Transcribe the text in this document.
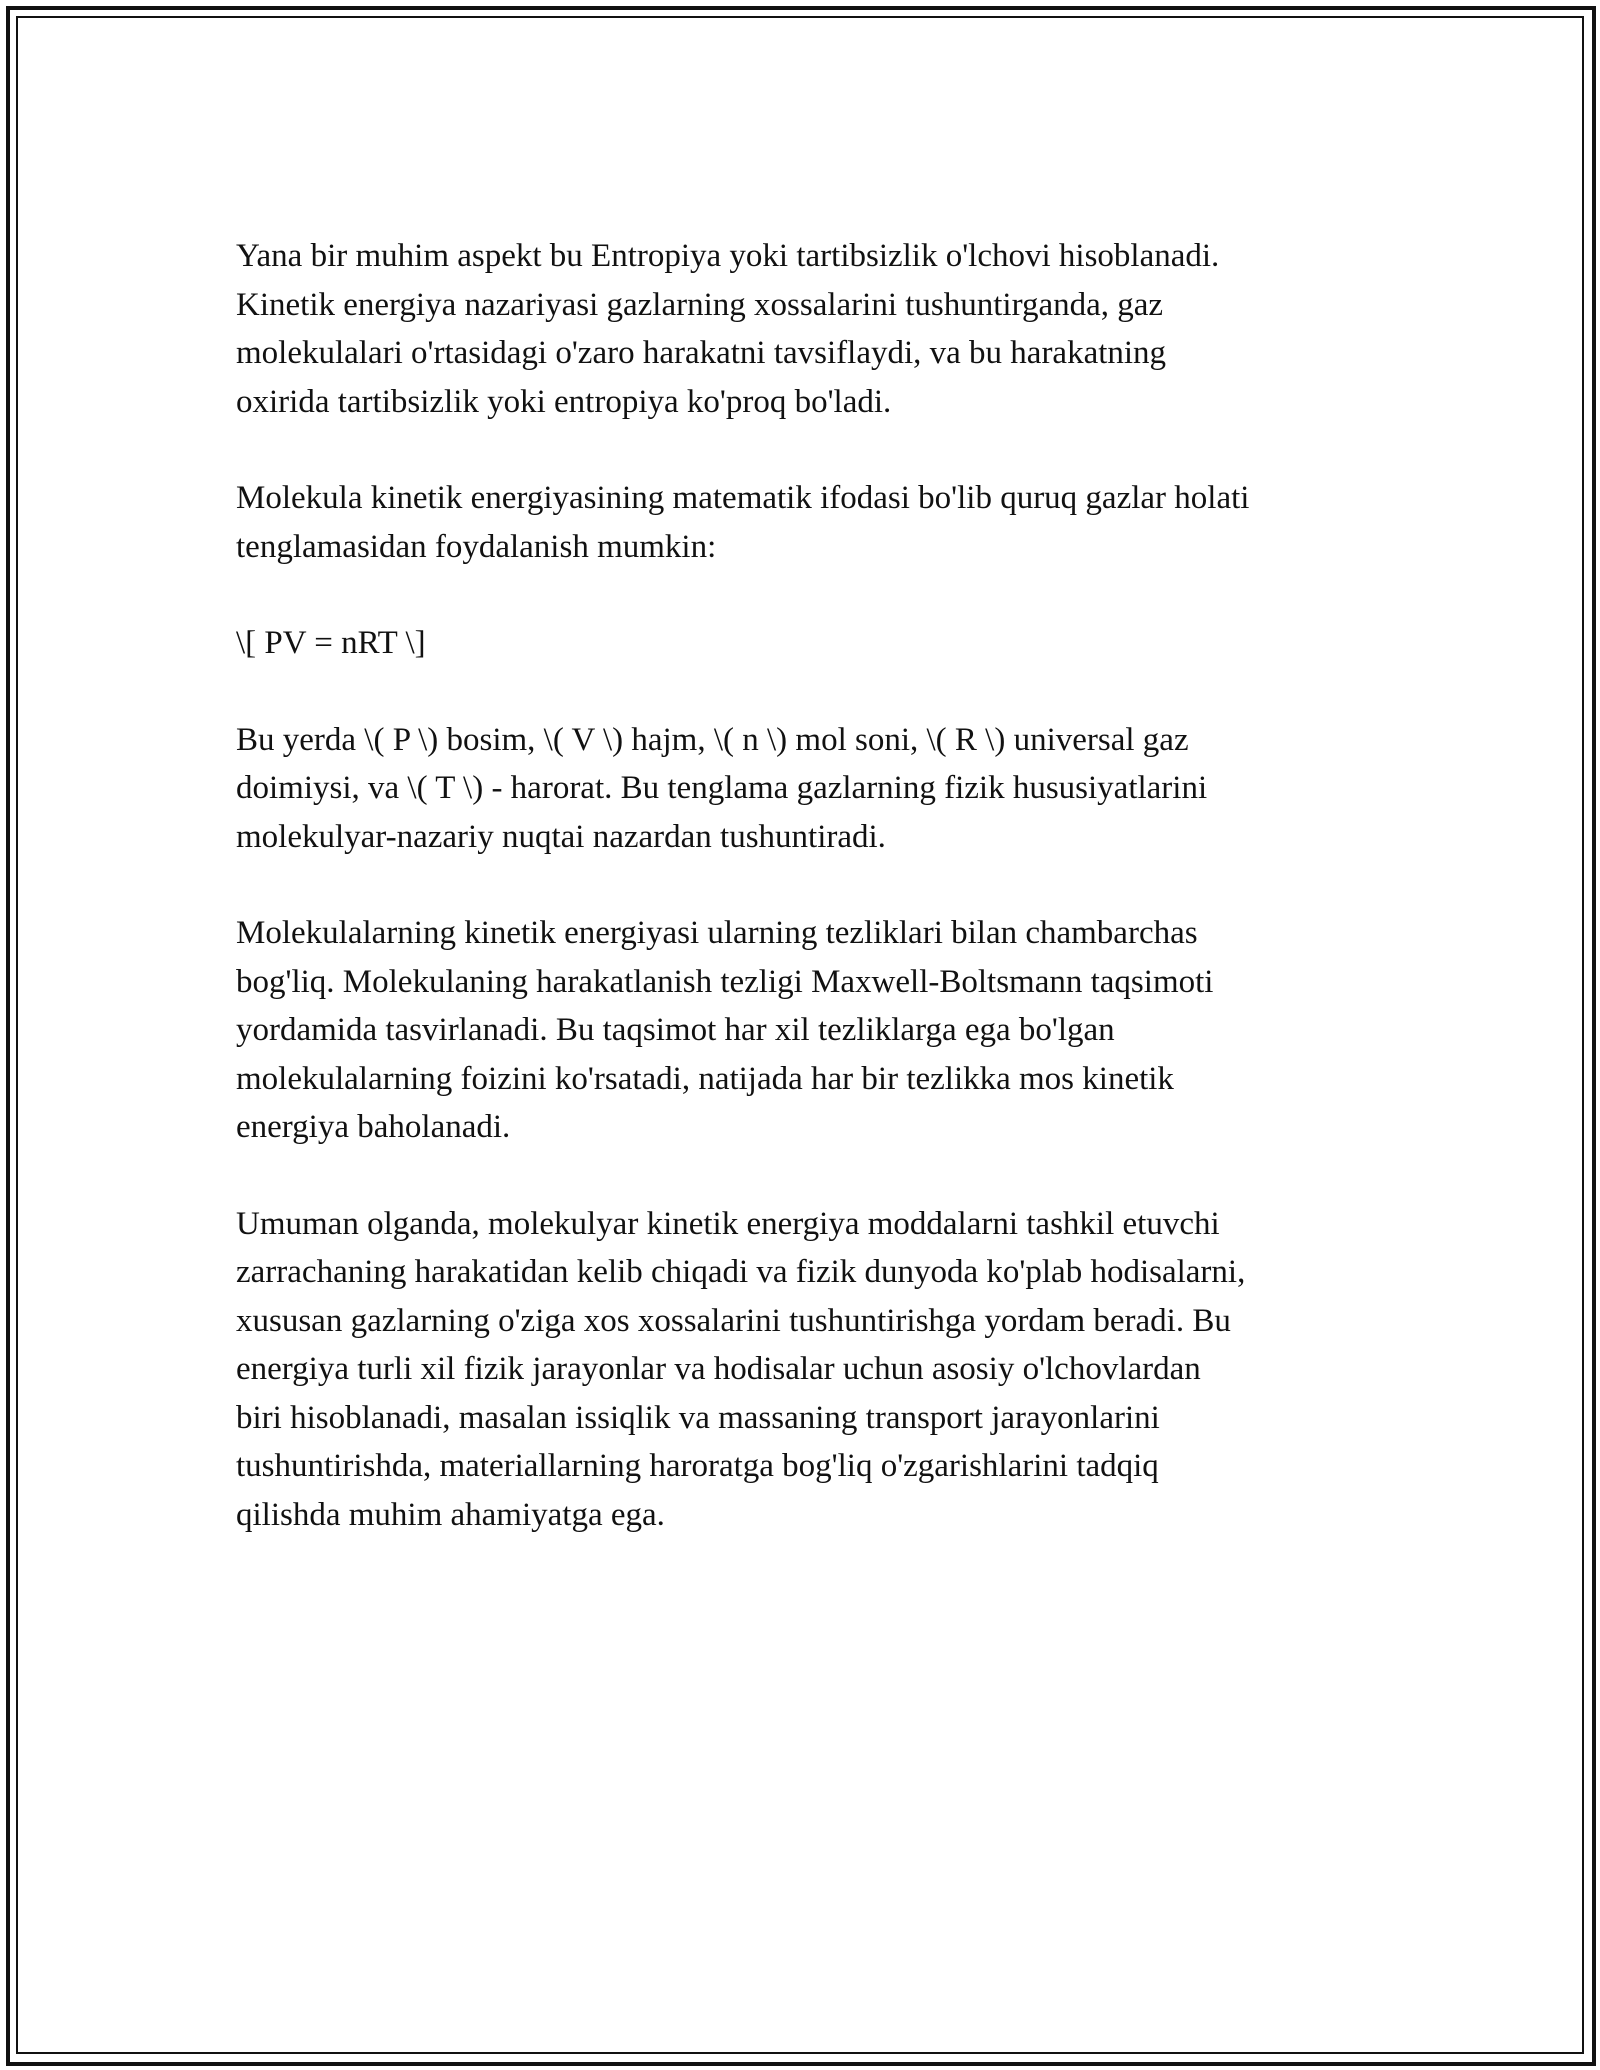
Yana bir muhim aspekt bu Entropiya yoki tartibsizlik o'lchovi hisoblanadi.
Kinetik energiya nazariyasi gazlarning xossalarini tushuntirganda, gaz
molekulalari o'rtasidagi o'zaro harakatni tavsiflaydi, va bu harakatning
oxirida tartibsizlik yoki entropiya ko'proq bo'ladi.

Molekula kinetik energiyasining matematik ifodasi bo'lib quruq gazlar holati
tenglamasidan foydalanish mumkin:

\[ PV = nRT \]

Bu yerda \( P \) bosim, \( V \) hajm, \( n \) mol soni, \( R \) universal gaz
doimiysi, va \( T \) - harorat. Bu tenglama gazlarning fizik hususiyatlarini
molekulyar-nazariy nuqtai nazardan tushuntiradi.

Molekulalarning kinetik energiyasi ularning tezliklari bilan chambarchas
bog'liq. Molekulaning harakatlanish tezligi Maxwell-Boltsmann taqsimoti
yordamida tasvirlanadi. Bu taqsimot har xil tezliklarga ega bo'lgan
molekulalarning foizini ko'rsatadi, natijada har bir tezlikka mos kinetik
energiya baholanadi.

Umuman olganda, molekulyar kinetik energiya moddalarni tashkil etuvchi
zarrachaning harakatidan kelib chiqadi va fizik dunyoda ko'plab hodisalarni,
xususan gazlarning o'ziga xos xossalarini tushuntirishga yordam beradi. Bu
energiya turli xil fizik jarayonlar va hodisalar uchun asosiy o'lchovlardan
biri hisoblanadi, masalan issiqlik va massaning transport jarayonlarini
tushuntirishda, materiallarning haroratga bog'liq o'zgarishlarini tadqiq
qilishda muhim ahamiyatga ega.
